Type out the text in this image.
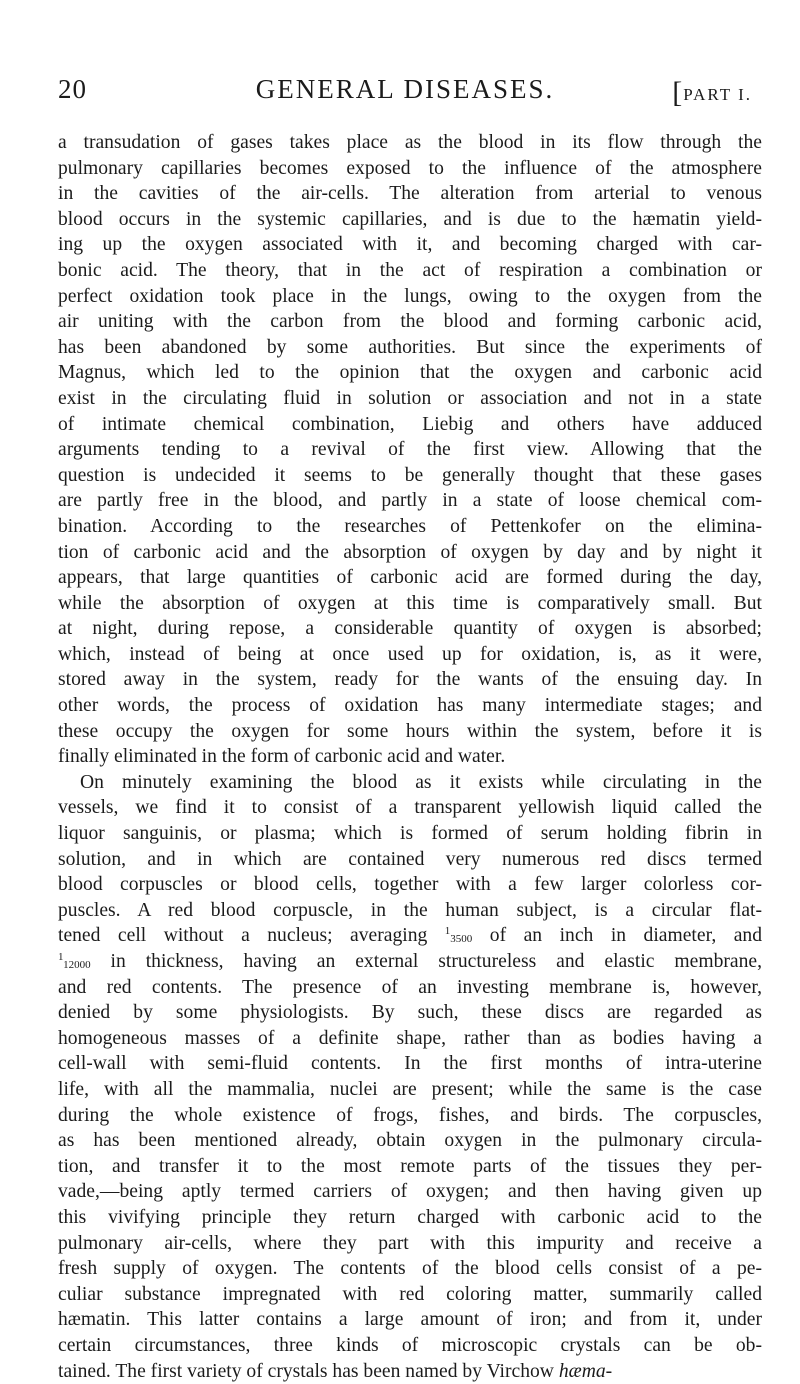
20	GENERAL DISEASES.	[PART I.
a transudation of gases takes place as the blood in its flow through the
pulmonary capillaries becomes exposed to the influence of the atmosphere
in the cavities of the air-cells. The alteration from arterial to venous
blood occurs in the systemic capillaries, and is due to the hæmatin yield-
ing up the oxygen associated with it, and becoming charged with car-
bonic acid. The theory, that in the act of respiration a combination or
perfect oxidation took place in the lungs, owing to the oxygen from the
air uniting with the carbon from the blood and forming carbonic acid,
has been abandoned by some authorities. But since the experiments of
Magnus, which led to the opinion that the oxygen and carbonic acid
exist in the circulating fluid in solution or association and not in a state
of intimate chemical combination, Liebig and others have adduced
arguments tending to a revival of the first view. Allowing that the
question is undecided it seems to be generally thought that these gases
are partly free in the blood, and partly in a state of loose chemical com-
bination. According to the researches of Pettenkofer on the elimina-
tion of carbonic acid and the absorption of oxygen by day and by night it
appears, that large quantities of carbonic acid are formed during the day,
while the absorption of oxygen at this time is comparatively small. But
at night, during repose, a considerable quantity of oxygen is absorbed;
which, instead of being at once used up for oxidation, is, as it were,
stored away in the system, ready for the wants of the ensuing day. In
other words, the process of oxidation has many intermediate stages; and
these occupy the oxygen for some hours within the system, before it is
finally eliminated in the form of carbonic acid and water.
On minutely examining the blood as it exists while circulating in the
vessels, we find it to consist of a transparent yellowish liquid called the
liquor sanguinis, or plasma; which is formed of serum holding fibrin in
solution, and in which are contained very numerous red discs termed
blood corpuscles or blood cells, together with a few larger colorless cor-
puscles. A red blood corpuscle, in the human subject, is a circular flat-
tened cell without a nucleus; averaging 13500 of an inch in diameter, and
112000 in thickness, having an external structureless and elastic membrane,
and red contents. The presence of an investing membrane is, however,
denied by some physiologists. By such, these discs are regarded as
homogeneous masses of a definite shape, rather than as bodies having a
cell-wall with semi-fluid contents. In the first months of intra-uterine
life, with all the mammalia, nuclei are present; while the same is the case
during the whole existence of frogs, fishes, and birds. The corpuscles,
as has been mentioned already, obtain oxygen in the pulmonary circula-
tion, and transfer it to the most remote parts of the tissues they per-
vade,—being aptly termed carriers of oxygen; and then having given up
this vivifying principle they return charged with carbonic acid to the
pulmonary air-cells, where they part with this impurity and receive a
fresh supply of oxygen. The contents of the blood cells consist of a pe-
culiar substance impregnated with red coloring matter, summarily called
hæmatin. This latter contains a large amount of iron; and from it, under
certain circumstances, three kinds of microscopic crystals can be ob-
tained. The first variety of crystals has been named by Virchow hæma-
